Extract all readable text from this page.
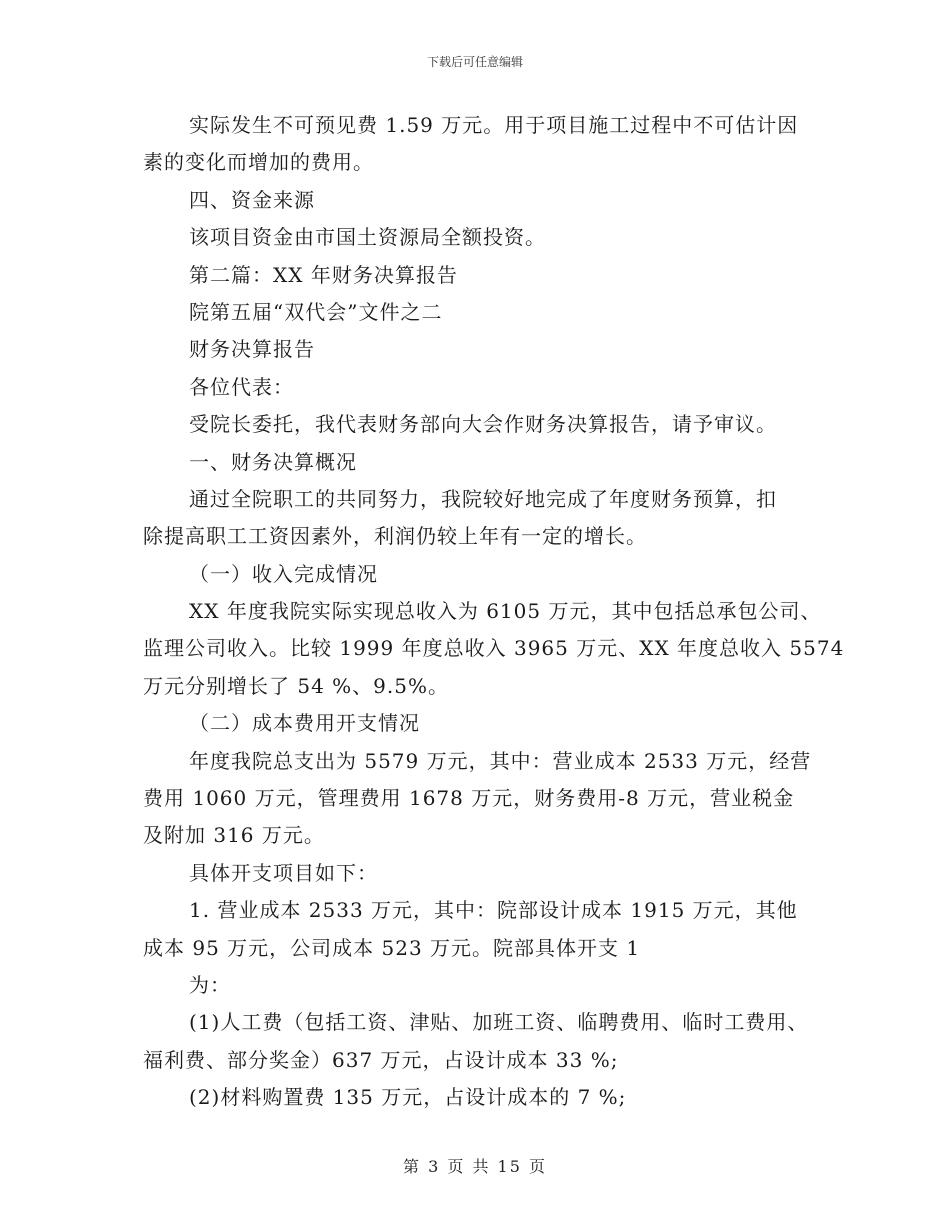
下载后可任意编辑
实际发生不可预见费 1.59 万元。用于项目施工过程中不可估计因
素的变化而增加的费用。
四、资金来源
该项目资金由市国土资源局全额投资。
第二篇：XX 年财务决算报告
院第五届“双代会”文件之二
财务决算报告
各位代表：
受院长委托，我代表财务部向大会作财务决算报告，请予审议。
一、财务决算概况
通过全院职工的共同努力，我院较好地完成了年度财务预算，扣
除提高职工工资因素外，利润仍较上年有一定的增长。
（一）收入完成情况
XX 年度我院实际实现总收入为 6105 万元，其中包括总承包公司、
监理公司收入。比较 1999 年度总收入 3965 万元、XX 年度总收入 5574
万元分别增长了 54 %、9.5%。
（二）成本费用开支情况
年度我院总支出为 5579 万元，其中：营业成本 2533 万元，经营
费用 1060 万元，管理费用 1678 万元，财务费用-8 万元，营业税金
及附加 316 万元。
具体开支项目如下：
1. 营业成本 2533 万元，其中：院部设计成本 1915 万元，其他
成本 95 万元，公司成本 523 万元。院部具体开支 1
为：
(1)人工费（包括工资、津贴、加班工资、临聘费用、临时工费用、
福利费、部分奖金）637 万元，占设计成本 33 %;
(2)材料购置费 135 万元，占设计成本的 7 %;
第 3 页 共 15 页
